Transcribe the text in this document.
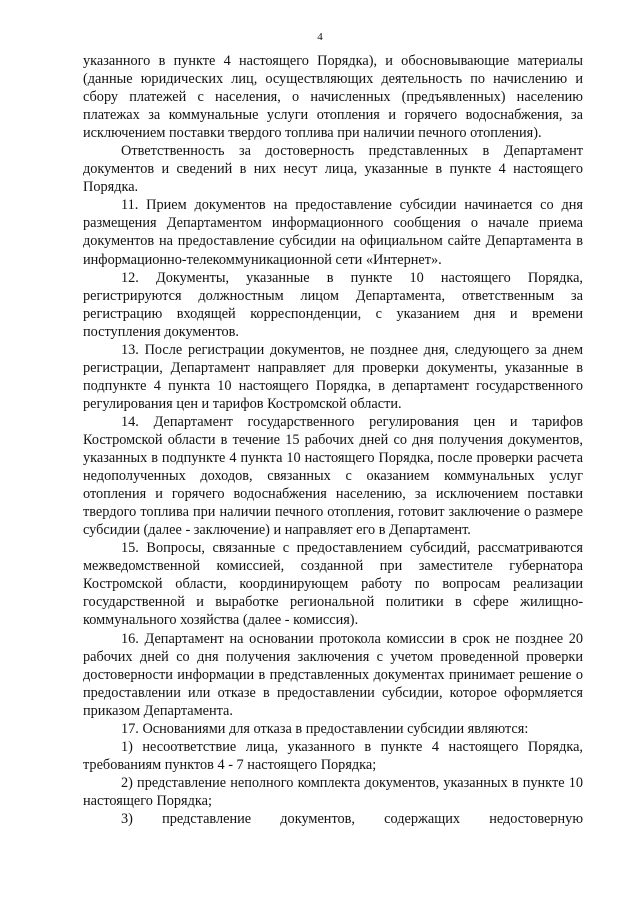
4

указанного в пункте 4 настоящего Порядка), и обосновывающие материалы (данные юридических лиц, осуществляющих деятельность по начислению и сбору платежей с населения, о начисленных (предъявленных) населению платежах за коммунальные услуги отопления и горячего водоснабжения, за исключением поставки твердого топлива при наличии печного отопления).

Ответственность за достоверность представленных в Департамент документов и сведений в них несут лица, указанные в пункте 4 настоящего Порядка.

11. Прием документов на предоставление субсидии начинается со дня размещения Департаментом информационного сообщения о начале приема документов на предоставление субсидии на официальном сайте Департамента в информационно-телекоммуникационной сети «Интернет».

12. Документы, указанные в пункте 10 настоящего Порядка, регистрируются должностным лицом Департамента, ответственным за регистрацию входящей корреспонденции, с указанием дня и времени поступления документов.

13. После регистрации документов, не позднее дня, следующего за днем регистрации, Департамент направляет для проверки документы, указанные в подпункте 4 пункта 10 настоящего Порядка, в департамент государственного регулирования цен и тарифов Костромской области.

14. Департамент государственного регулирования цен и тарифов Костромской области в течение 15 рабочих дней со дня получения документов, указанных в подпункте 4 пункта 10 настоящего Порядка, после проверки расчета недополученных доходов, связанных с оказанием коммунальных услуг отопления и горячего водоснабжения населению, за исключением поставки твердого топлива при наличии печного отопления, готовит заключение о размере субсидии (далее - заключение) и направляет его в Департамент.

15. Вопросы, связанные с предоставлением субсидий, рассматриваются межведомственной комиссией, созданной при заместителе губернатора Костромской области, координирующем работу по вопросам реализации государственной и выработке региональной политики в сфере жилищно-коммунального хозяйства (далее - комиссия).

16. Департамент на основании протокола комиссии в срок не позднее 20 рабочих дней со дня получения заключения с учетом проведенной проверки достоверности информации в представленных документах принимает решение о предоставлении или отказе в предоставлении субсидии, которое оформляется приказом Департамента.

17. Основаниями для отказа в предоставлении субсидии являются:

1) несоответствие лица, указанного в пункте 4 настоящего Порядка, требованиям пунктов 4 - 7 настоящего Порядка;

2) представление неполного комплекта документов, указанных в пункте 10 настоящего Порядка;

3) представление документов, содержащих недостоверную
